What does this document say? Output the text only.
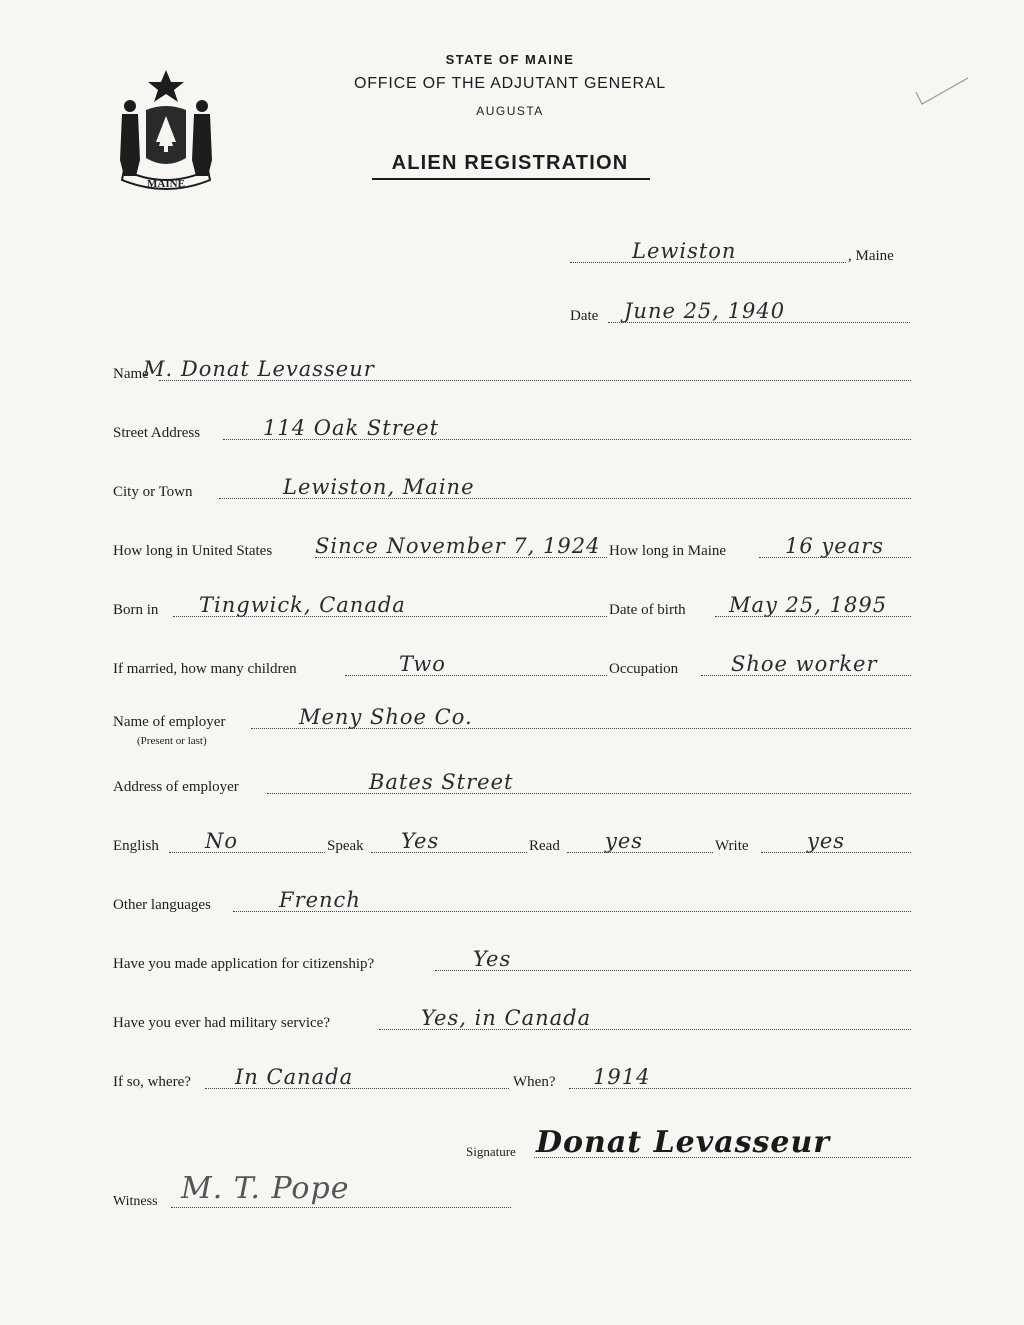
MAINE
STATE OF MAINE
OFFICE OF THE ADJUTANT GENERAL
AUGUSTA
ALIEN REGISTRATION
Lewiston	, Maine
Date June 25, 1940
Name
M. Donat Levasseur
Street Address	114 Oak Street
City or Town	Lewiston, Maine
How long in United States Since November 7, 1924 How long in Maine	16 years
Born in Tingwick, Canada	Date of birth May 25, 1895
If married, how many children	Two	Occupation	Shoe worker
Name of employer
(Present or last)
Meny Shoe Co.
Address of employer	Bates Street
English No	Speak Yes	Read yes	Write	yes
Other languages	French
Have you made application for citizenship?	Yes
Have you ever had military service?	Yes, in Canada
If so, where? In Canada	When? 1914
Signature Donat Levasseur
Witness M. T. Pope
